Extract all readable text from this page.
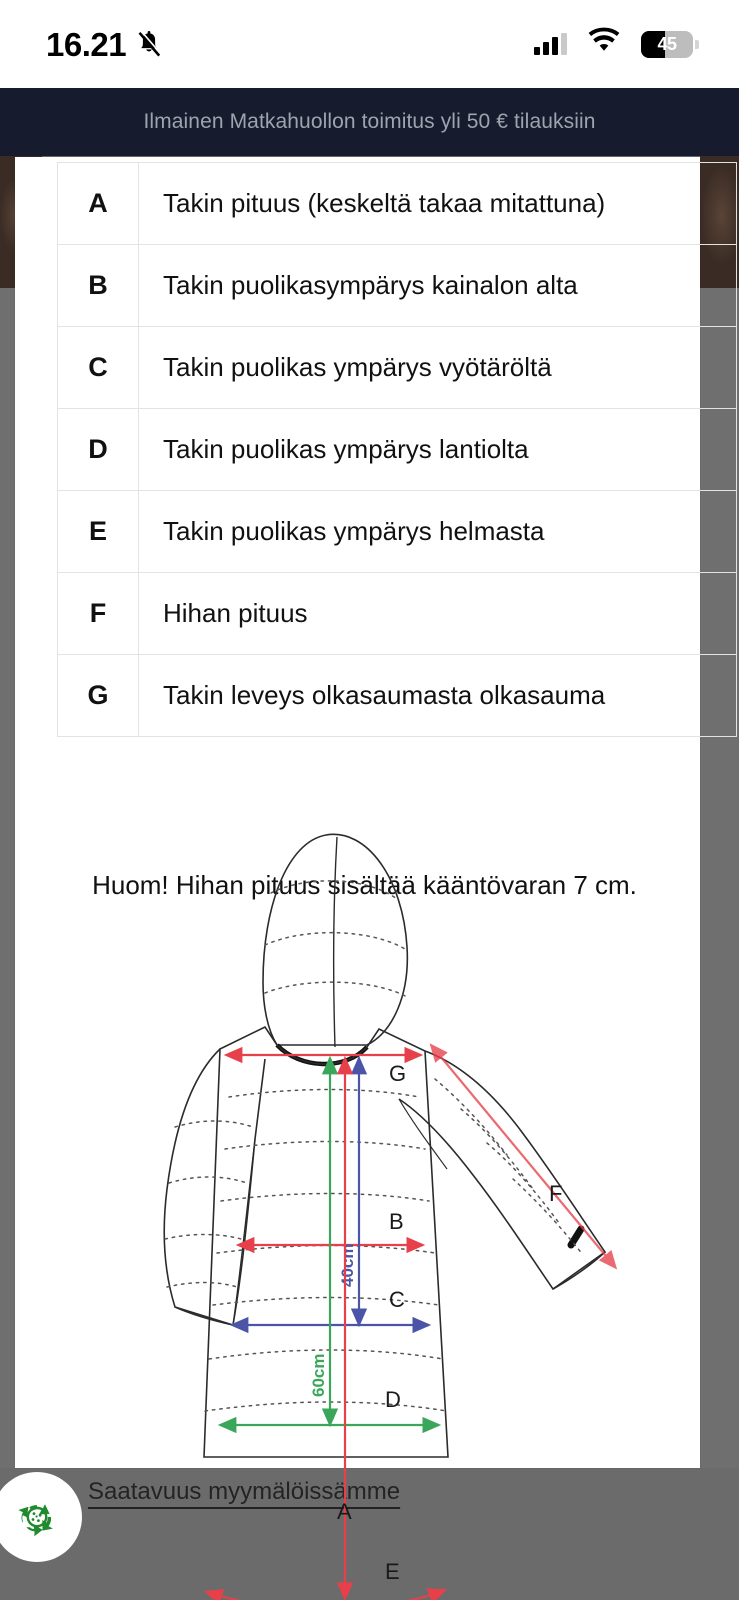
16.21	45
Ilmainen Matkahuollon toimitus yli 50 € tilauksiin
Saatavuus myymälöissämme
A	Takin pituus (keskeltä takaa mitattuna)
B	Takin puolikasympärys kainalon alta
C	Takin puolikas ympärys vyötäröltä
D	Takin puolikas ympärys lantiolta
E	Takin puolikas ympärys helmasta
F	Hihan pituus
G	Takin leveys olkasaumasta olkasauma
Huom! Hihan pituus sisältää kääntövaran 7 cm.
G
B
C
D
40cm
60cm
A
E
F
